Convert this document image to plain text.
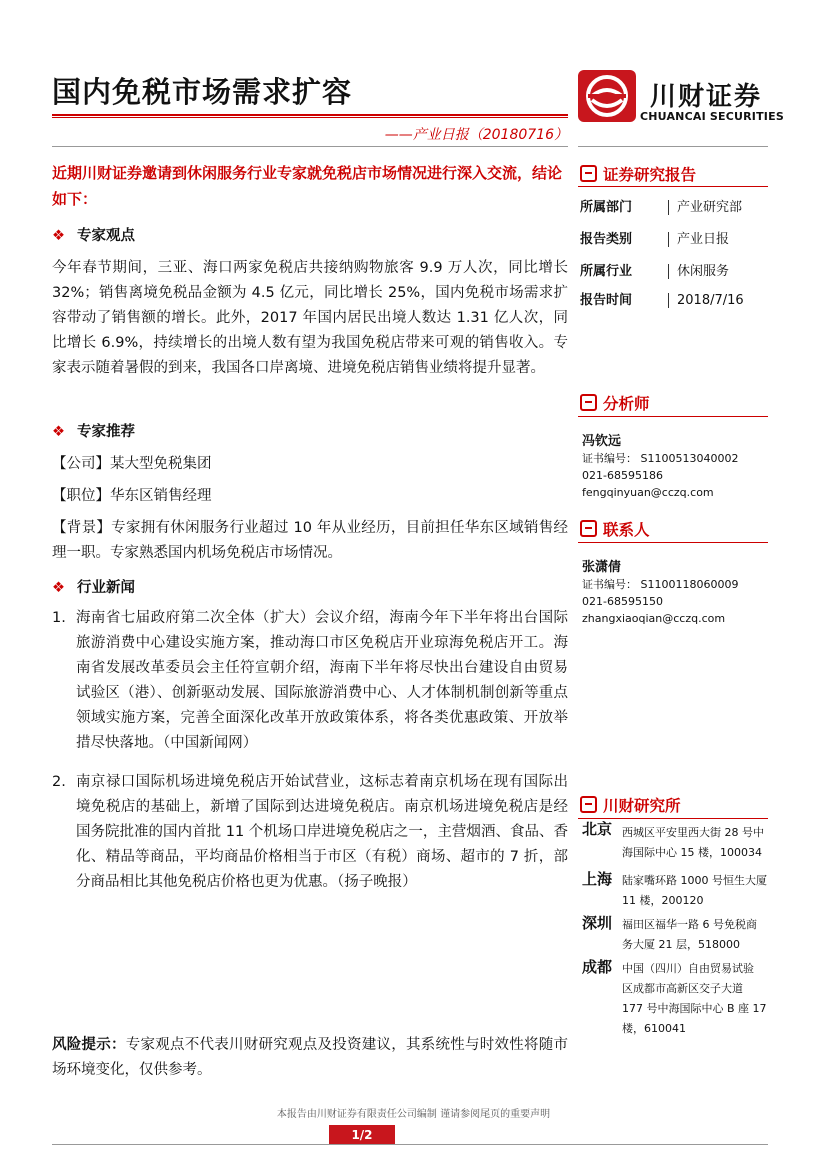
国内免税市场需求扩容
——产业日报（20180716）
川财证券
CHUANCAI SECURITIES
近期川财证券邀请到休闲服务行业专家就免税店市场情况进行深入交流，结论如下：
❖ 专家观点
今年春节期间，三亚、海口两家免税店共接纳购物旅客 9.9 万人次，同比增长 32%；销售离境免税品金额为 4.5 亿元，同比增长 25%，国内免税市场需求扩容带动了销售额的增长。此外，2017 年国内居民出境人数达 1.31 亿人次，同比增长 6.9%，持续增长的出境人数有望为我国免税店带来可观的销售收入。专家表示随着暑假的到来，我国各口岸离境、进境免税店销售业绩将提升显著。
❖ 专家推荐
【公司】某大型免税集团
【职位】华东区销售经理
【背景】专家拥有休闲服务行业超过 10 年从业经历，目前担任华东区域销售经理一职。专家熟悉国内机场免税店市场情况。
❖ 行业新闻
1. 海南省七届政府第二次全体（扩大）会议介绍，海南今年下半年将出台国际旅游消费中心建设实施方案，推动海口市区免税店开业琼海免税店开工。海南省发展改革委员会主任符宣朝介绍，海南下半年将尽快出台建设自由贸易试验区（港）、创新驱动发展、国际旅游消费中心、人才体制机制创新等重点领域实施方案，完善全面深化改革开放政策体系，将各类优惠政策、开放举措尽快落地。（中国新闻网）
2. 南京禄口国际机场进境免税店开始试营业，这标志着南京机场在现有国际出境免税店的基础上，新增了国际到达进境免税店。南京机场进境免税店是经国务院批准的国内首批 11 个机场口岸进境免税店之一，主营烟酒、食品、香化、精品等商品，平均商品价格相当于市区（有税）商场、超市的 7 折，部分商品相比其他免税店价格也更为优惠。（扬子晚报）
风险提示：专家观点不代表川财研究观点及投资建议，其系统性与时效性将随市场环境变化，仅供参考。
证券研究报告
所属部门	产业研究部
报告类别	产业日报
所属行业	休闲服务
报告时间	2018/7/16
分析师
冯钦远
证书编号： S1100513040002
021-68595186
fengqinyuan@cczq.com
联系人
张潇倩
证书编号： S1100118060009
021-68595150
zhangxiaoqian@cczq.com
川财研究所
北京 西城区平安里西大街 28 号中
海国际中心 15 楼，100034
上海 陆家嘴环路 1000 号恒生大厦
11 楼，200120
深圳 福田区福华一路 6 号免税商
务大厦 21 层，518000
成都 中国（四川）自由贸易试验
区成都市高新区交子大道
177 号中海国际中心 B 座 17
楼，610041
本报告由川财证券有限责任公司编制 谨请参阅尾页的重要声明
1/2
